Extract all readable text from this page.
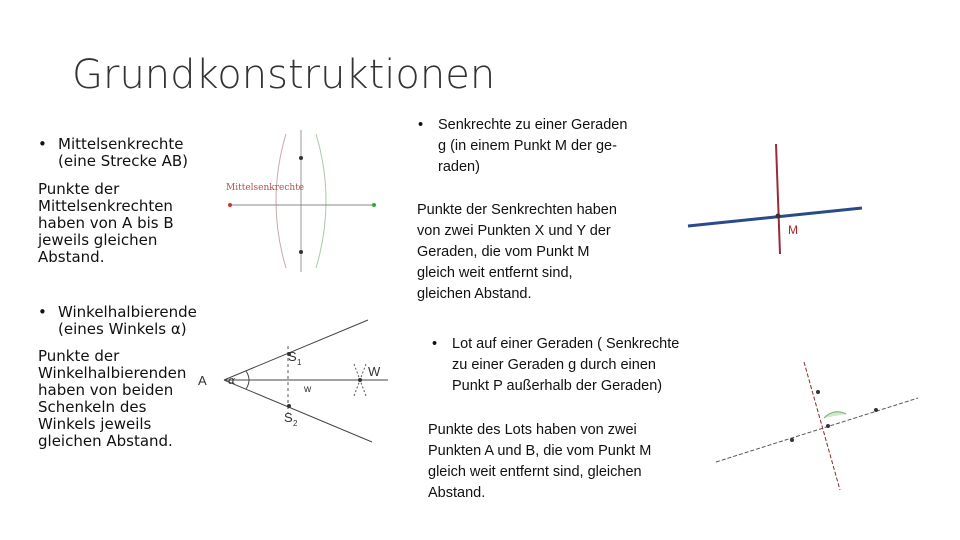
Grundkonstruktionen
• Mittelsenkrechte
(eine Strecke AB)
Punkte der
Mittelsenkrechten
haben von A bis B
jeweils gleichen
Abstand.
• Winkelhalbierende
(eines Winkels α)
Punkte der
Winkelhalbierenden
haben von beiden
Schenkeln des
Winkels jeweils
gleichen Abstand.
Mittelsenkrechte
A α
S 1
S 2
W
w
• Senkrechte zu einer Geraden
g (in einem Punkt M der ge-
raden)
Punkte der Senkrechten haben
von zwei Punkten X und Y der
Geraden, die vom Punkt M
gleich weit entfernt sind,
gleichen Abstand.
M
• Lot auf einer Geraden ( Senkrechte
zu einer Geraden g durch einen
Punkt P außerhalb der Geraden)
Punkte des Lots haben von zwei
Punkten A und B, die vom Punkt M
gleich weit entfernt sind, gleichen
Abstand.
